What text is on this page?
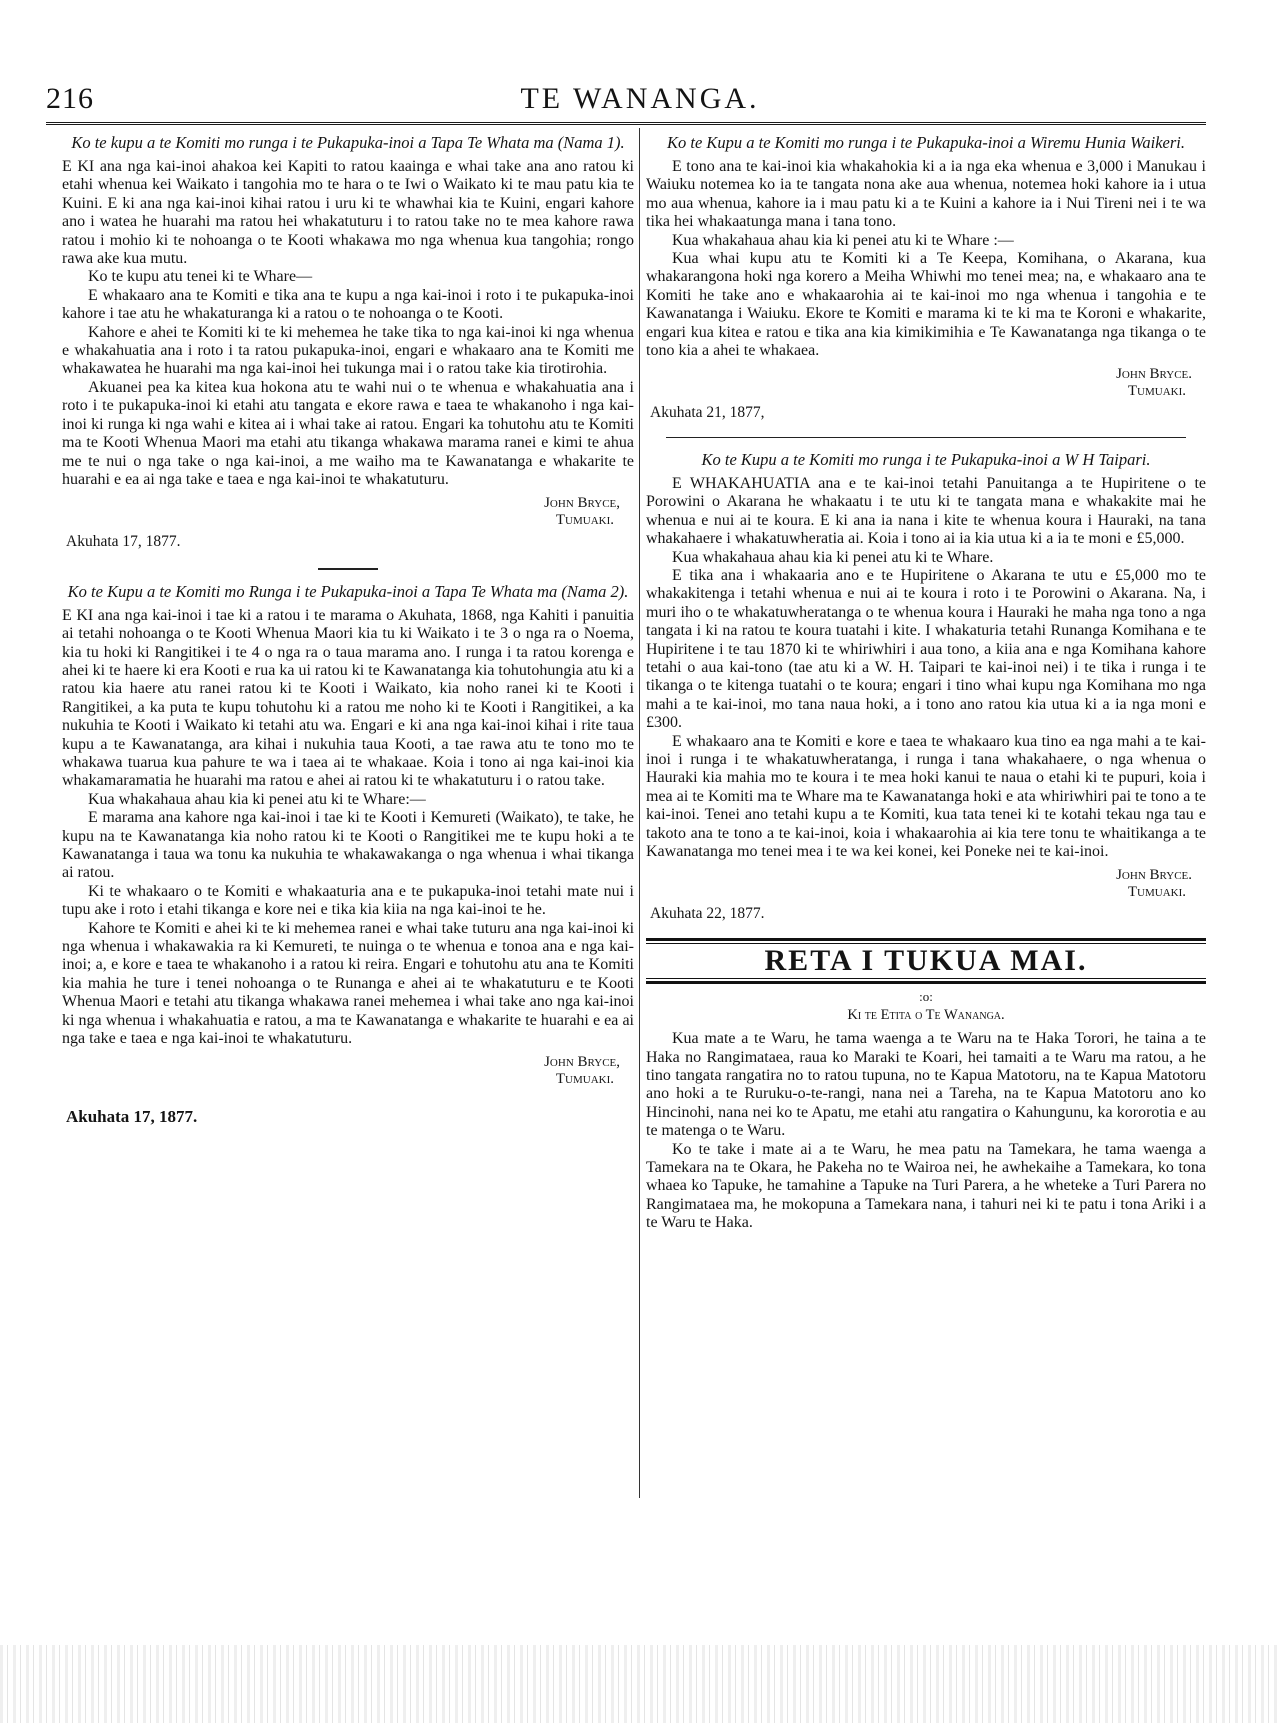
216	TE WANANGA.
Ko te kupu a te Komiti mo runga i te Pukapuka-inoi a Tapa Te Whata ma (Nama 1).

E KI ana nga kai-inoi ahakoa kei Kapiti to ratou kaainga e whai take ana ano ratou ki etahi whenua kei Waikato i tangohia mo te hara o te Iwi o Waikato ki te mau patu kia te Kuini. E ki ana nga kai-inoi kihai ratou i uru ki te whawhai kia te Kuini, engari kahore ano i watea he huarahi ma ratou hei whakatuturu i to ratou take no te mea kahore rawa ratou i mohio ki te nohoanga o te Kooti whakawa mo nga whenua kua tangohia; rongo rawa ake kua mutu.

Ko te kupu atu tenei ki te Whare—

E whakaaro ana te Komiti e tika ana te kupu a nga kai-inoi i roto i te pukapuka-inoi kahore i tae atu he whakaturanga ki a ratou o te nohoanga o te Kooti.

Kahore e ahei te Komiti ki te ki mehemea he take tika to nga kai-inoi ki nga whenua e whakahuatia ana i roto i ta ratou pukapuka-inoi, engari e whakaaro ana te Komiti me whakawatea he huarahi ma nga kai-inoi hei tukunga mai i o ratou take kia tirotirohia.

Akuanei pea ka kitea kua hokona atu te wahi nui o te whenua e whakahuatia ana i roto i te pukapuka-inoi ki etahi atu tangata e ekore rawa e taea te whakanoho i nga kai-inoi ki runga ki nga wahi e kitea ai i whai take ai ratou. Engari ka tohutohu atu te Komiti ma te Kooti Whenua Maori ma etahi atu tikanga whakawa marama ranei e kimi te ahua me te nui o nga take o nga kai-inoi, a me waiho ma te Kawanatanga e whakarite te huarahi e ea ai nga take e taea e nga kai-inoi te whakatuturu.

John Bryce,
Tumuaki.
Akuhata 17, 1877.
Ko te Kupu a te Komiti mo Runga i te Pukapuka-inoi a Tapa Te Whata ma (Nama 2).

E KI ana nga kai-inoi i tae ki a ratou i te marama o Akuhata, 1868, nga Kahiti i panuitia ai tetahi nohoanga o te Kooti Whenua Maori kia tu ki Waikato i te 3 o nga ra o Noema, kia tu hoki ki Rangitikei i te 4 o nga ra o taua marama ano. I runga i ta ratou korenga e ahei ki te haere ki era Kooti e rua ka ui ratou ki te Kawanatanga kia tohutohungia atu ki a ratou kia haere atu ranei ratou ki te Kooti i Waikato, kia noho ranei ki te Kooti i Rangitikei, a ka puta te kupu tohutohu ki a ratou me noho ki te Kooti i Rangitikei, a ka nukuhia te Kooti i Waikato ki tetahi atu wa. Engari e ki ana nga kai-inoi kihai i rite taua kupu a te Kawanatanga, ara kihai i nukuhia taua Kooti, a tae rawa atu te tono mo te whakawa tuarua kua pahure te wa i taea ai te whakaae. Koia i tono ai nga kai-inoi kia whakamaramatia he huarahi ma ratou e ahei ai ratou ki te whakatuturu i o ratou take.

Kua whakahaua ahau kia ki penei atu ki te Whare:—

E marama ana kahore nga kai-inoi i tae ki te Kooti i Kemureti (Waikato), te take, he kupu na te Kawanatanga kia noho ratou ki te Kooti o Rangitikei me te kupu hoki a te Kawanatanga i taua wa tonu ka nukuhia te whakawakanga o nga whenua i whai tikanga ai ratou.

Ki te whakaaro o te Komiti e whakaaturia ana e te pukapuka-inoi tetahi mate nui i tupu ake i roto i etahi tikanga e kore nei e tika kia kiia na nga kai-inoi te he.

Kahore te Komiti e ahei ki te ki mehemea ranei e whai take tuturu ana nga kai-inoi ki nga whenua i whakawakia ra ki Kemureti, te nuinga o te whenua e tonoa ana e nga kai-inoi; a, e kore e taea te whakanoho i a ratou ki reira. Engari e tohutohu atu ana te Komiti kia mahia he ture i tenei nohoanga o te Runanga e ahei ai te whakatuturu e te Kooti Whenua Maori e tetahi atu tikanga whakawa ranei mehemea i whai take ano nga kai-inoi ki nga whenua i whakahuatia e ratou, a ma te Kawanatanga e whakarite te huarahi e ea ai nga take e taea e nga kai-inoi te whakatuturu.

John Bryce,
Tumuaki.
Akuhata 17, 1877.
Ko te Kupu a te Komiti mo runga i te Pukapuka-inoi a Wiremu Hunia Waikeri.

E tono ana te kai-inoi kia whakahokia ki a ia nga eka whenua e 3,000 i Manukau i Waiuku notemea ko ia te tangata nona ake aua whenua, notemea hoki kahore ia i utua mo aua whenua, kahore ia i mau patu ki a te Kuini a kahore ia i Nui Tireni nei i te wa tika hei whakaatunga mana i tana tono.

Kua whakahaua ahau kia ki penei atu ki te Whare :—

Kua whai kupu atu te Komiti ki a Te Keepa, Komihana, o Akarana, kua whakarangona hoki nga korero a Meiha Whiwhi mo tenei mea; na, e whakaaro ana te Komiti he take ano e whakaarohia ai te kai-inoi mo nga whenua i tangohia e te Kawanatanga i Waiuku. Ekore te Komiti e marama ki te ki ma te Koroni e whakarite, engari kua kitea e ratou e tika ana kia kimikimihia e Te Kawanatanga nga tikanga o te tono kia a ahei te whakaea.

John Bryce.
Tumuaki.
Akuhata 21, 1877,
Ko te Kupu a te Komiti mo runga i te Pukapuka-inoi a W H Taipari.

E WHAKAHUATIA ana e te kai-inoi tetahi Panuitanga a te Hupiritene o te Porowini o Akarana he whakaatu i te utu ki te tangata mana e whakakite mai he whenua e nui ai te koura. E ki ana ia nana i kite te whenua koura i Hauraki, na tana whakahaere i whakatuwheratia ai. Koia i tono ai ia kia utua ki a ia te moni e £5,000.

Kua whakahaua ahau kia ki penei atu ki te Whare.

E tika ana i whakaaria ano e te Hupiritene o Akarana te utu e £5,000 mo te whakakitenga i tetahi whenua e nui ai te koura i roto i te Porowini o Akarana. Na, i muri iho o te whakatuwheratanga o te whenua koura i Hauraki he maha nga tono a nga tangata i ki na ratou te koura tuatahi i kite. I whakaturia tetahi Runanga Komihana e te Hupiritene i te tau 1870 ki te whiriwhiri i aua tono, a kiia ana e nga Komihana kahore tetahi o aua kai-tono (tae atu ki a W. H. Taipari te kai-inoi nei) i te tika i runga i te tikanga o te kitenga tuatahi o te koura; engari i tino whai kupu nga Komihana mo nga mahi a te kai-inoi, mo tana naua hoki, a i tono ano ratou kia utua ki a ia nga moni e £300.

E whakaaro ana te Komiti e kore e taea te whakaaro kua tino ea nga mahi a te kai-inoi i runga i te whakatuwheratanga, i runga i tana whakahaere, o nga whenua o Hauraki kia mahia mo te koura i te mea hoki kanui te naua o etahi ki te pupuri, koia i mea ai te Komiti ma te Whare ma te Kawanatanga hoki e ata whiriwhiri pai te tono a te kai-inoi. Tenei ano tetahi kupu a te Komiti, kua tata tenei ki te kotahi tekau nga tau e takoto ana te tono a te kai-inoi, koia i whakaarohia ai kia tere tonu te whaitikanga a te Kawanatanga mo tenei mea i te wa kei konei, kei Poneke nei te kai-inoi.

John Bryce.
Tumuaki.
Akuhata 22, 1877.
RETA I TUKUA MAI.
:o:
Ki te Etita o Te Wananga.

Kua mate a te Waru, he tama waenga a te Waru na te Haka Torori, he taina a te Haka no Rangimataea, raua ko Maraki te Koari, hei tamaiti a te Waru ma ratou, a he tino tangata rangatira no to ratou tupuna, no te Kapua Matotoru, na te Kapua Matotoru ano hoki a te Ruruku-o-te-rangi, nana nei a Tareha, na te Kapua Matotoru ano ko Hincinohi, nana nei ko te Apatu, me etahi atu rangatira o Kahungunu, ka kororotia e au te matenga o te Waru.

Ko te take i mate ai a te Waru, he mea patu na Tamekara, he tama waenga a Tamekara na te Okara, he Pakeha no te Wairoa nei, he awhekaihe a Tamekara, ko tona whaea ko Tapuke, he tamahine a Tapuke na Turi Parera, a he wheteke a Turi Parera no Rangimataea ma, he mokopuna a Tamekara nana, i tahuri nei ki te patu i tona Ariki i a te Waru te Haka.
